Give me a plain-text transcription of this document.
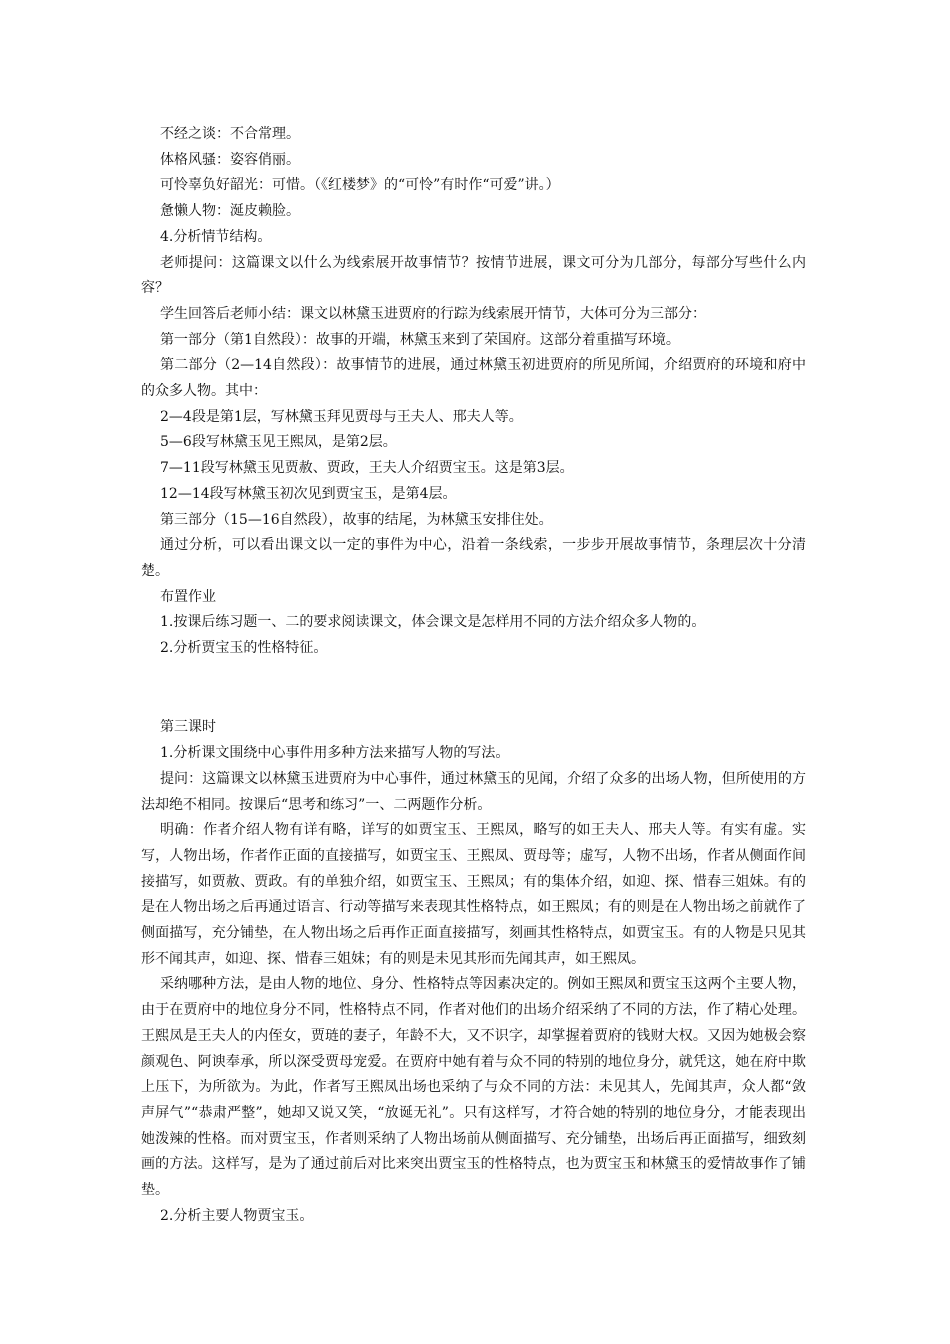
不经之谈：不合常理。

体格风骚：姿容俏丽。

可怜辜负好韶光：可惜。（《红楼梦》的“可怜”有时作“可爱”讲。）

惫懒人物：涎皮赖脸。

4.分析情节结构。

老师提问：这篇课文以什么为线索展开故事情节？按情节进展，课文可分为几部分，每部分写些什么内容？

学生回答后老师小结：课文以林黛玉进贾府的行踪为线索展开情节，大体可分为三部分：

第一部分（第1自然段）：故事的开端，林黛玉来到了荣国府。这部分着重描写环境。

第二部分（2—14自然段）：故事情节的进展，通过林黛玉初进贾府的所见所闻，介绍贾府的环境和府中的众多人物。其中：

2—4段是第1层，写林黛玉拜见贾母与王夫人、邢夫人等。

5—6段写林黛玉见王熙凤，是第2层。

7—11段写林黛玉见贾赦、贾政，王夫人介绍贾宝玉。这是第3层。

12—14段写林黛玉初次见到贾宝玉，是第4层。

第三部分（15—16自然段），故事的结尾，为林黛玉安排住处。

通过分析，可以看出课文以一定的事件为中心，沿着一条线索，一步步开展故事情节，条理层次十分清楚。

布置作业

1.按课后练习题一、二的要求阅读课文，体会课文是怎样用不同的方法介绍众多人物的。

2.分析贾宝玉的性格特征。

第三课时

1.分析课文围绕中心事件用多种方法来描写人物的写法。

提问：这篇课文以林黛玉进贾府为中心事件，通过林黛玉的见闻，介绍了众多的出场人物，但所使用的方法却绝不相同。按课后“思考和练习”一、二两题作分析。

明确：作者介绍人物有详有略，详写的如贾宝玉、王熙凤，略写的如王夫人、邢夫人等。有实有虚。实写，人物出场，作者作正面的直接描写，如贾宝玉、王熙凤、贾母等；虚写，人物不出场，作者从侧面作间接描写，如贾赦、贾政。有的单独介绍，如贾宝玉、王熙凤；有的集体介绍，如迎、探、惜春三姐妹。有的是在人物出场之后再通过语言、行动等描写来表现其性格特点，如王熙凤；有的则是在人物出场之前就作了侧面描写，充分铺垫，在人物出场之后再作正面直接描写，刻画其性格特点，如贾宝玉。有的人物是只见其形不闻其声，如迎、探、惜春三姐妹；有的则是未见其形而先闻其声，如王熙凤。

采纳哪种方法，是由人物的地位、身分、性格特点等因素决定的。例如王熙凤和贾宝玉这两个主要人物，由于在贾府中的地位身分不同，性格特点不同，作者对他们的出场介绍采纳了不同的方法，作了精心处理。王熙凤是王夫人的内侄女，贾琏的妻子，年龄不大，又不识字，却掌握着贾府的钱财大权。又因为她极会察颜观色、阿谀奉承，所以深受贾母宠爱。在贾府中她有着与众不同的特别的地位身分，就凭这，她在府中欺上压下，为所欲为。为此，作者写王熙凤出场也采纳了与众不同的方法：未见其人，先闻其声，众人都“敛声屏气”“恭肃严整”，她却又说又笑，“放诞无礼”。只有这样写，才符合她的特别的地位身分，才能表现出她泼辣的性格。而对贾宝玉，作者则采纳了人物出场前从侧面描写、充分铺垫，出场后再正面描写，细致刻画的方法。这样写，是为了通过前后对比来突出贾宝玉的性格特点，也为贾宝玉和林黛玉的爱情故事作了铺垫。

2.分析主要人物贾宝玉。
